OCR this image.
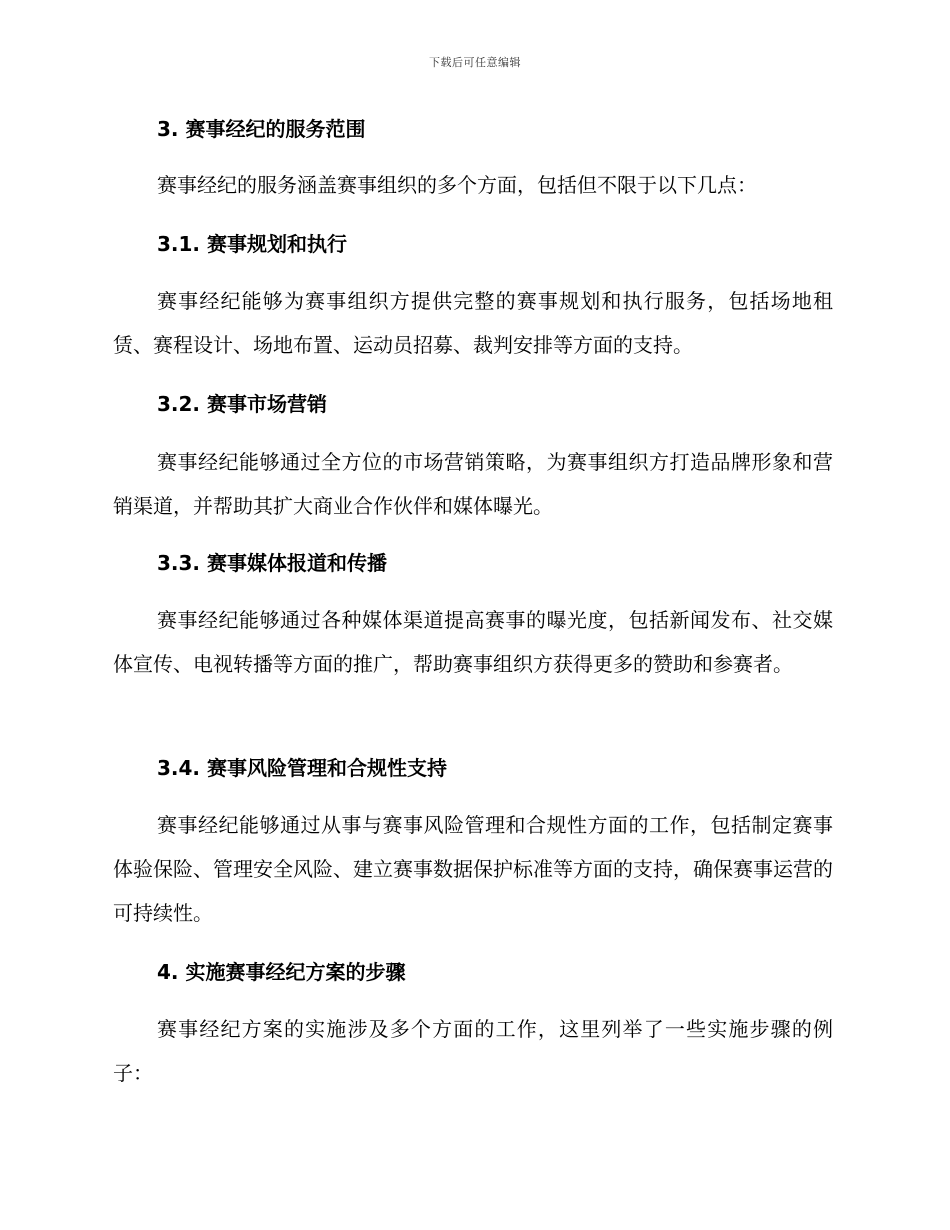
下载后可任意编辑
3. 赛事经纪的服务范围
赛事经纪的服务涵盖赛事组织的多个方面，包括但不限于以下几点：
3.1. 赛事规划和执行
赛事经纪能够为赛事组织方提供完整的赛事规划和执行服务，包括场地租赁、赛程设计、场地布置、运动员招募、裁判安排等方面的支持。
3.2. 赛事市场营销
赛事经纪能够通过全方位的市场营销策略，为赛事组织方打造品牌形象和营销渠道，并帮助其扩大商业合作伙伴和媒体曝光。
3.3. 赛事媒体报道和传播
赛事经纪能够通过各种媒体渠道提高赛事的曝光度，包括新闻发布、社交媒体宣传、电视转播等方面的推广，帮助赛事组织方获得更多的赞助和参赛者。
3.4. 赛事风险管理和合规性支持
赛事经纪能够通过从事与赛事风险管理和合规性方面的工作，包括制定赛事体验保险、管理安全风险、建立赛事数据保护标准等方面的支持，确保赛事运营的可持续性。
4. 实施赛事经纪方案的步骤
赛事经纪方案的实施涉及多个方面的工作，这里列举了一些实施步骤的例子：
